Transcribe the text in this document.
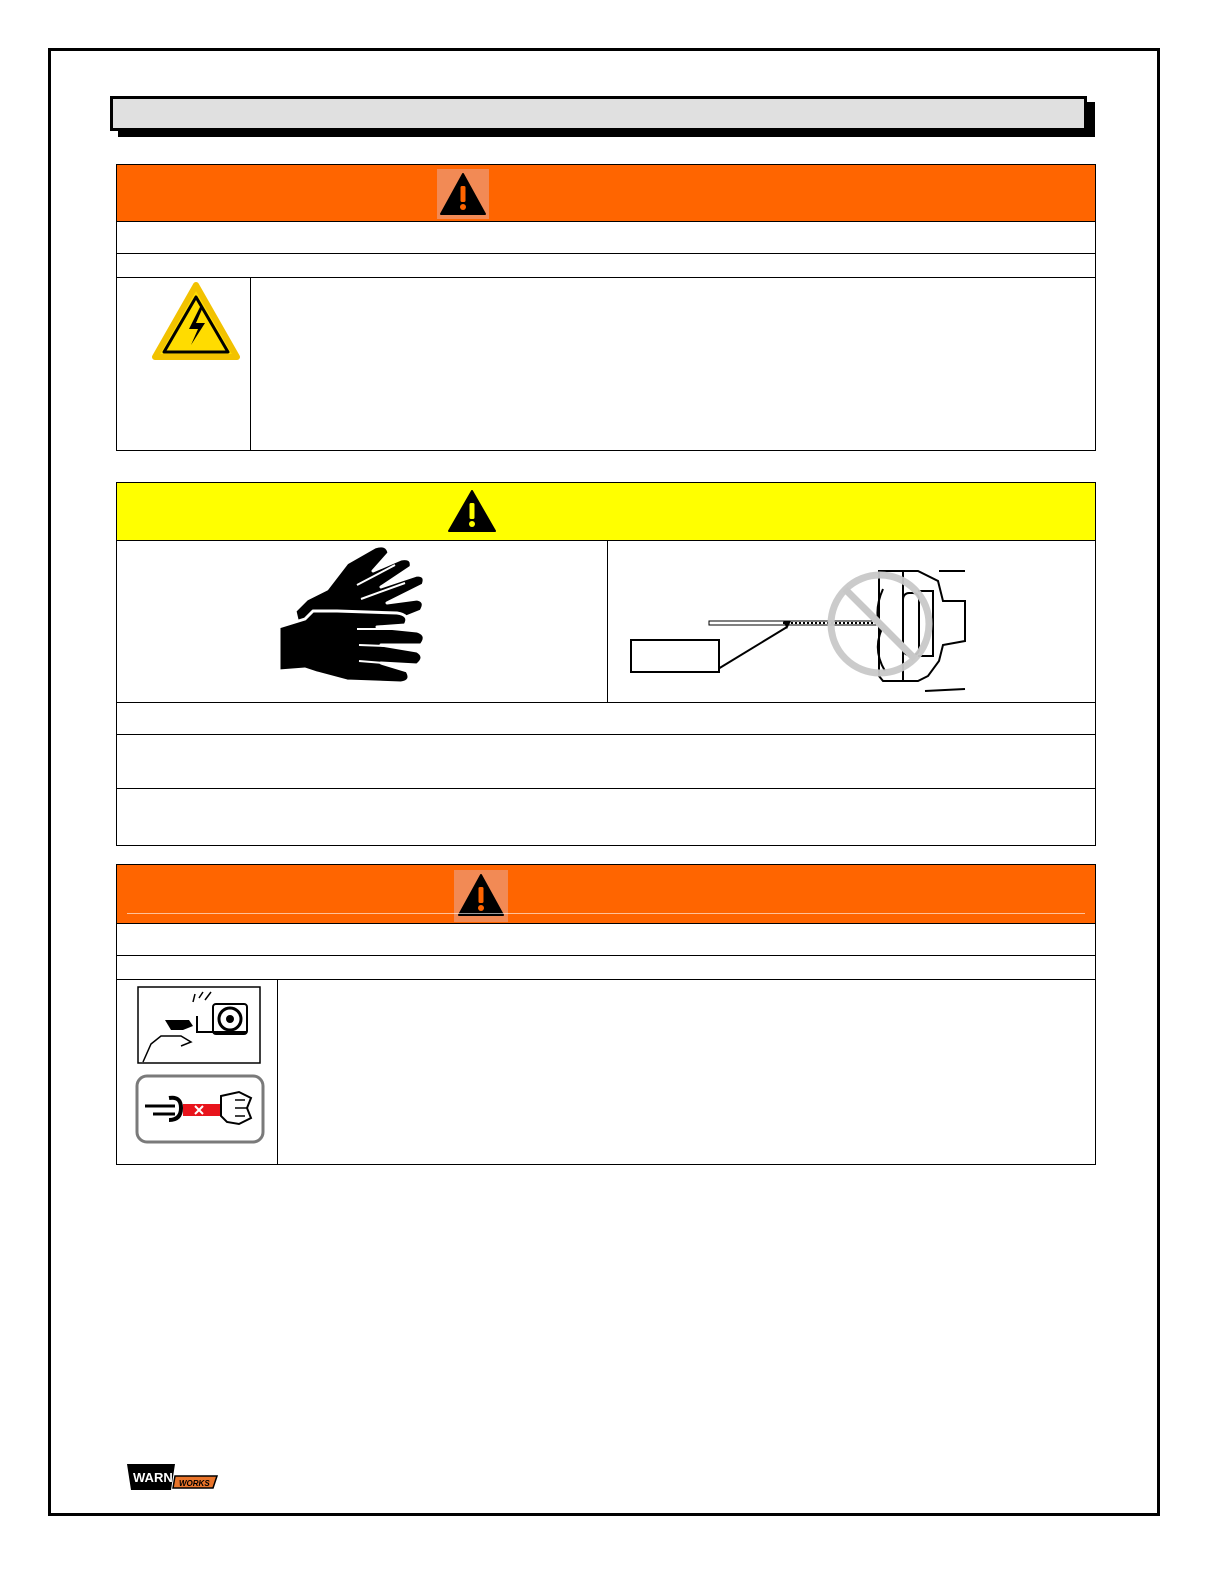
WARN WORKS
